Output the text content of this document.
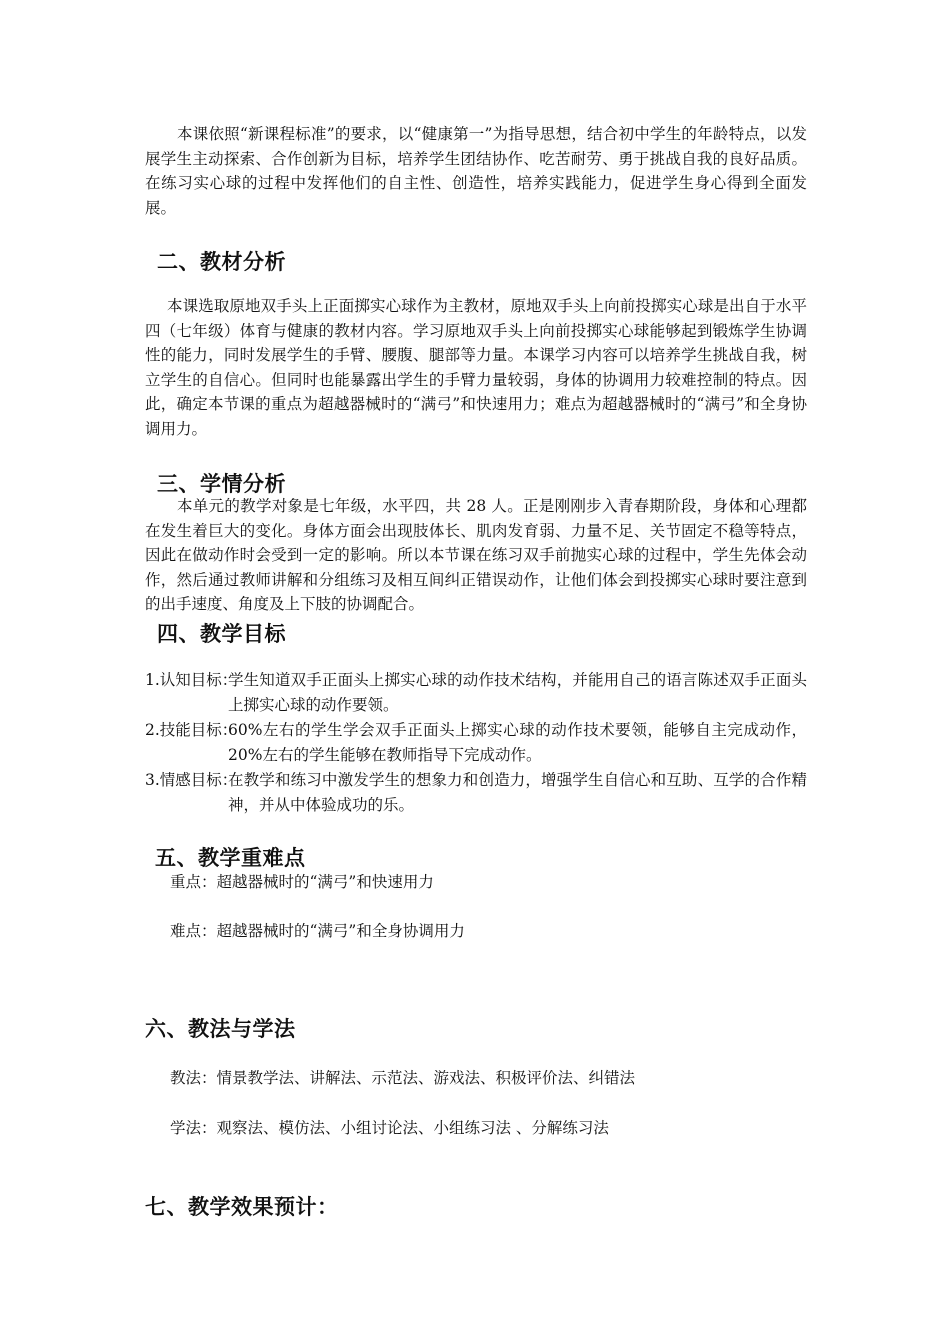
本课依照“新课程标准”的要求，以“健康第一”为指导思想，结合初中学生的年龄特点，以发展学生主动探索、合作创新为目标，培养学生团结协作、吃苦耐劳、勇于挑战自我的良好品质。在练习实心球的过程中发挥他们的自主性、创造性，培养实践能力，促进学生身心得到全面发展。

二、教材分析

本课选取原地双手头上正面掷实心球作为主教材，原地双手头上向前投掷实心球是出自于水平四（七年级）体育与健康的教材内容。学习原地双手头上向前投掷实心球能够起到锻炼学生协调性的能力，同时发展学生的手臂、腰腹、腿部等力量。本课学习内容可以培养学生挑战自我，树立学生的自信心。但同时也能暴露出学生的手臂力量较弱，身体的协调用力较难控制的特点。因此，确定本节课的重点为超越器械时的“满弓”和快速用力；难点为超越器械时的“满弓”和全身协调用力。

三、学情分析

本单元的教学对象是七年级，水平四，共 28 人。正是刚刚步入青春期阶段，身体和心理都在发生着巨大的变化。身体方面会出现肢体长、肌肉发育弱、力量不足、关节固定不稳等特点，因此在做动作时会受到一定的影响。所以本节课在练习双手前抛实心球的过程中，学生先体会动作，然后通过教师讲解和分组练习及相互间纠正错误动作，让他们体会到投掷实心球时要注意到的出手速度、角度及上下肢的协调配合。

四、教学目标
1.认知目标：
学生知道双手正面头上掷实心球的动作技术结构，并能用自己的语言陈述双手正面头上掷实心球的动作要领。
2.技能目标：
60%左右的学生学会双手正面头上掷实心球的动作技术要领，能够自主完成动作，20%左右的学生能够在教师指导下完成动作。
3.情感目标：
在教学和练习中激发学生的想象力和创造力，增强学生自信心和互助、互学的合作精神，并从中体验成功的乐。
五、教学重难点

重点：超越器械时的“满弓”和快速用力

难点：超越器械时的“满弓”和全身协调用力

六、教法与学法

教法：情景教学法、讲解法、示范法、游戏法、积极评价法、纠错法

学法：观察法、模仿法、小组讨论法、小组练习法 、分解练习法

七、教学效果预计：
